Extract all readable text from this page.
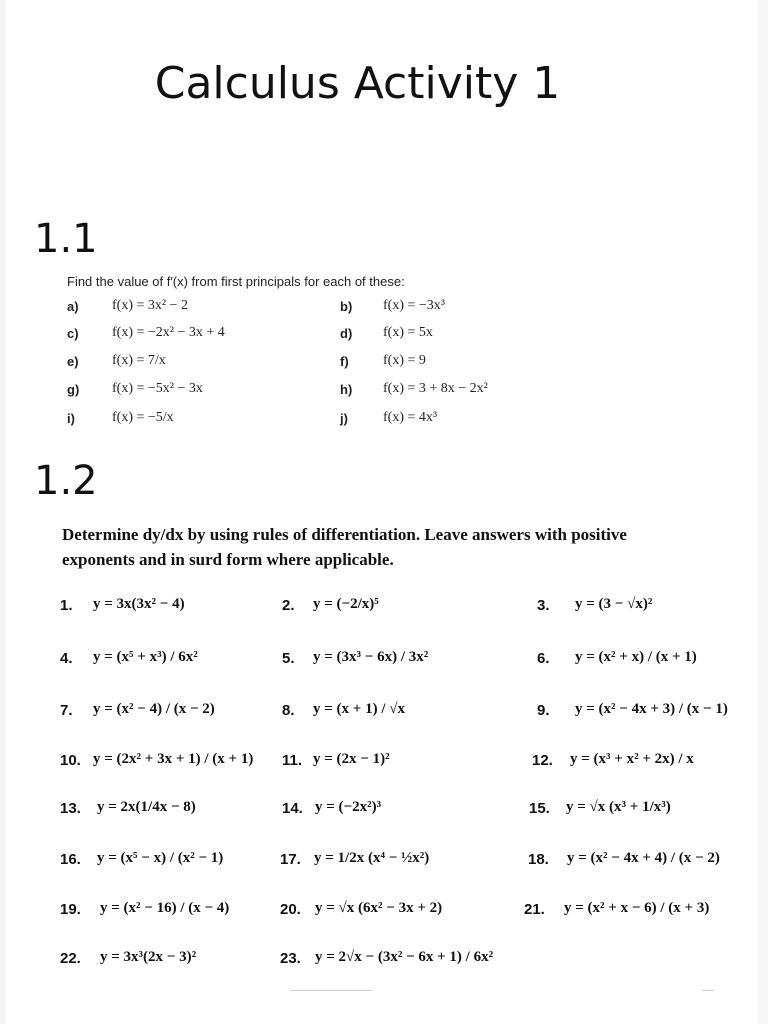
Calculus Activity 1
1.1
Find the value of f′(x) from first principals for each of these:
a) f(x) = 3x² − 2	b) f(x) = −3x³
c) f(x) = −2x² − 3x + 4	d) f(x) = 5x
e) f(x) = 7/x	f) f(x) = 9
g) f(x) = −5x² − 3x	h) f(x) = 3 + 8x − 2x²
i)	f(x) = −5/x	j)	f(x) = 4x³
1.2
Determine dy/dx by using rules of differentiation. Leave answers with positive exponents and in surd form where applicable.
1. y = 3x(3x² − 4)	2. y = (−2/x)⁵	3. y = (3 − √x)²
4. y = (x⁵ + x³) / 6x²	5. y = (3x³ − 6x) / 3x²	6. y = (x² + x) / (x + 1)
7. y = (x² − 4) / (x − 2)	8. y = (x + 1) / √x	9. y = (x² − 4x + 3) / (x − 1)
10. y = (2x² + 3x + 1) / (x + 1) 11. y = (2x − 1)²	12. y = (x³ + x² + 2x) / x
13. y = 2x(1/4x − 8)	14. y = (−2x²)³	15. y = √x (x³ + 1/x³)
16. y = (x⁵ − x) / (x² − 1)	17. y = 1/2x (x⁴ − ½x²)	18. y = (x² − 4x + 4) / (x − 2)
19. y = (x² − 16) / (x − 4)	20. y = √x (6x² − 3x + 2)	21. y = (x² + x − 6) / (x + 3)
22. y = 3x³(2x − 3)²	23. y = 2√x − (3x² − 6x + 1) / 6x²
